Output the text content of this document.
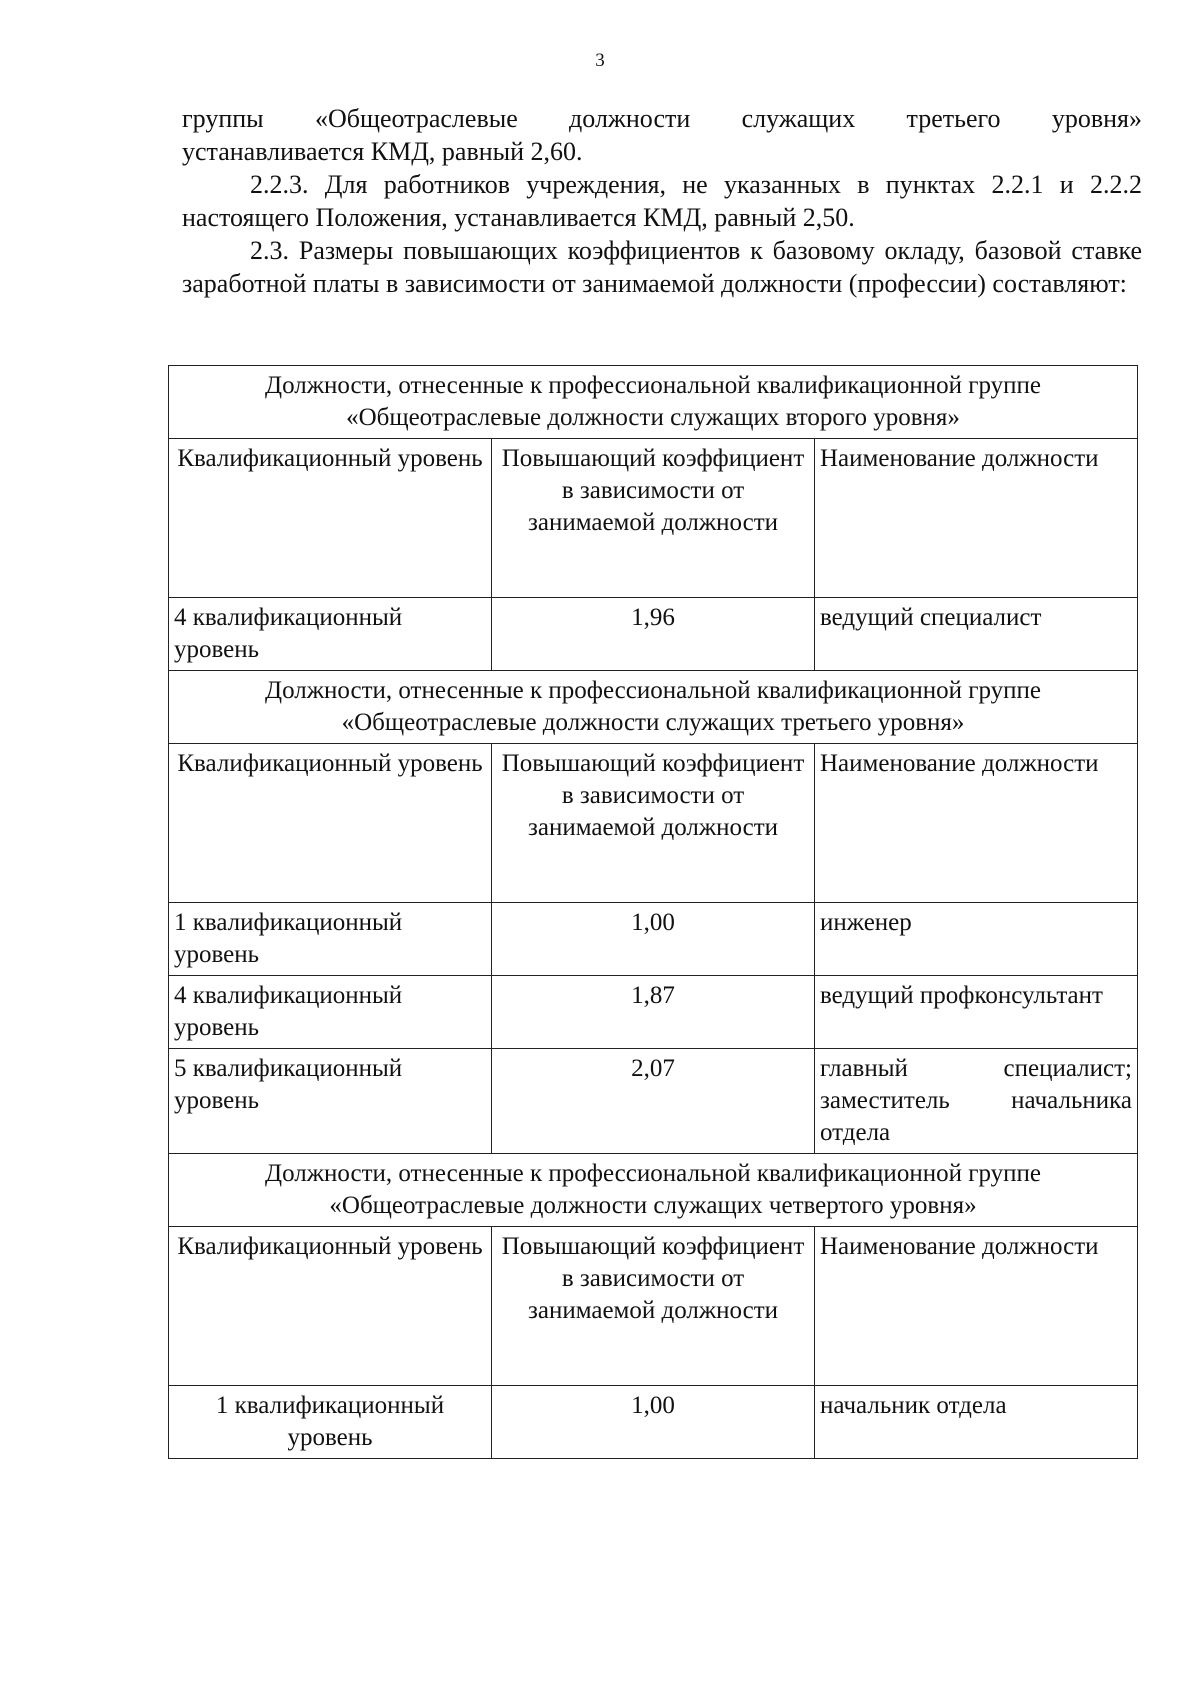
3

группы «Общеотраслевые должности служащих третьего уровня»

устанавливается КМД, равный 2,60.

2.2.3. Для работников учреждения, не указанных в пунктах 2.2.1 и 2.2.2 настоящего Положения, устанавливается КМД, равный 2,50.

2.3. Размеры повышающих коэффициентов к базовому окладу, базовой ставке заработной платы в зависимости от занимаемой должности (профессии) составляют:

Должности, отнесенные к профессиональной квалификационной группе
«Общеотраслевые должности служащих второго уровня»		

Квалификационный уровень	Повышающий коэффициент в зависимости от занимаемой должности	Наименование должности
4 квалификационный уровень	1,96	ведущий специалист

Должности, отнесенные к профессиональной квалификационной группе
«Общеотраслевые должности служащих третьего уровня»		

Квалификационный уровень	Повышающий коэффициент в зависимости от занимаемой должности	Наименование должности
1 квалификационный уровень	1,00	инженер
4 квалификационный уровень	1,87	ведущий профконсультант
5 квалификационный уровень	2,07	главный специалист; заместитель начальника отдела

Должности, отнесенные к профессиональной квалификационной группе
«Общеотраслевые должности служащих четвертого уровня»		

Квалификационный уровень	Повышающий коэффициент в зависимости от занимаемой должности	Наименование должности
1 квалификационный уровень	1,00	начальник отдела
